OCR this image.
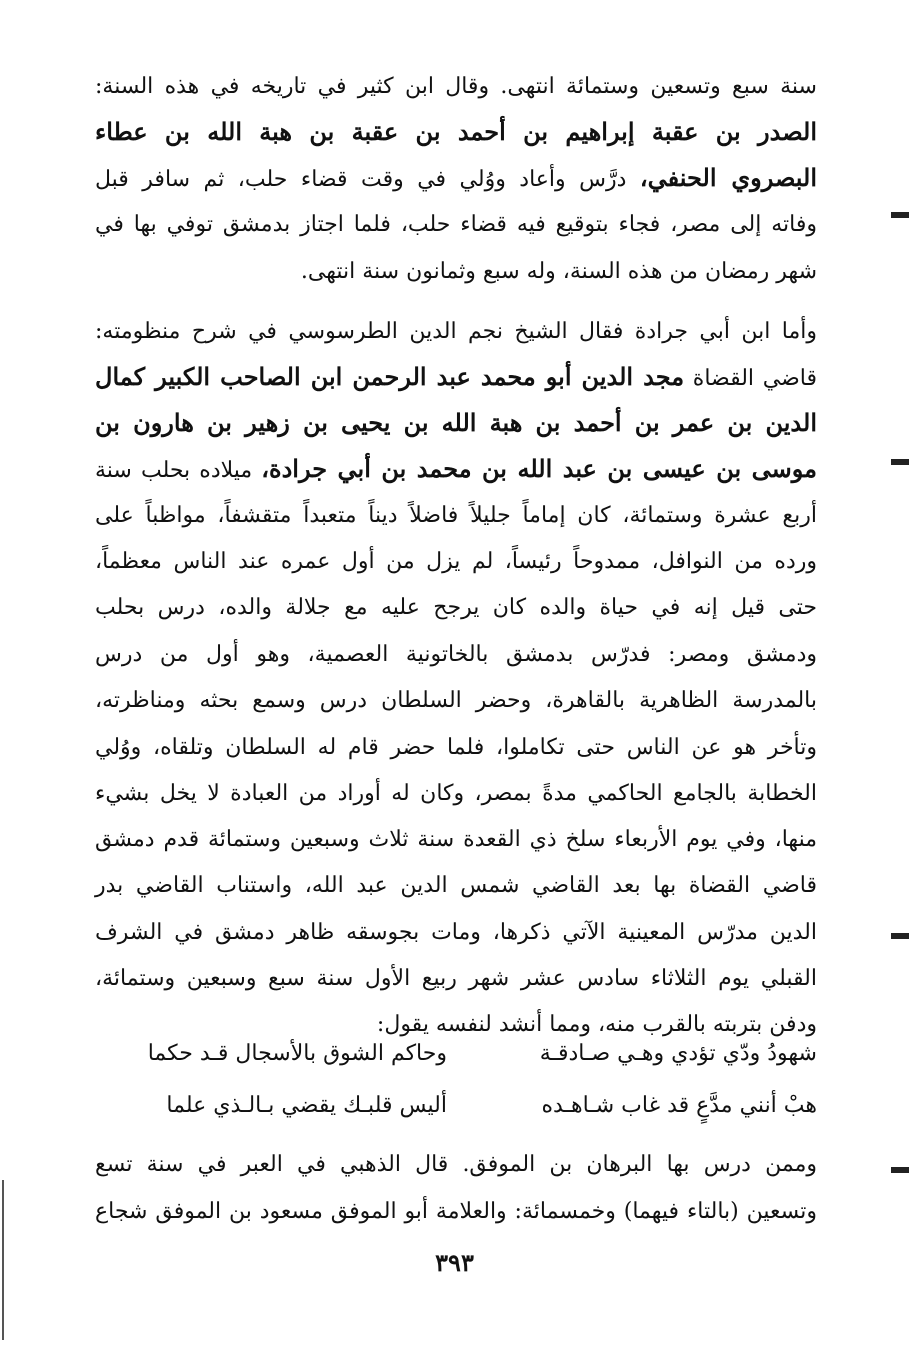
سنة سبع وتسعين وستمائة انتهى. وقال ابن كثير في تاريخه في هذه السنة:
الصدر بن عقبة إبراهيم بن أحمد بن عقبة بن هبة الله بن عطاء
البصروي الحنفي، درَّس وأعاد ووُلي في وقت قضاء حلب، ثم سافر قبل
وفاته إلى مصر، فجاء بتوقيع فيه قضاء حلب، فلما اجتاز بدمشق توفي بها في
شهر رمضان من هذه السنة، وله سبع وثمانون سنة انتهى.
وأما ابن أبي جرادة فقال الشيخ نجم الدين الطرسوسي في شرح منظومته:
قاضي القضاة مجد الدين أبو محمد عبد الرحمن ابن الصاحب الكبير كمال
الدين بن عمر بن أحمد بن هبة الله بن يحيى بن زهير بن هارون بن
موسى بن عيسى بن عبد الله بن محمد بن أبي جرادة، ميلاده بحلب سنة
أربع عشرة وستمائة، كان إماماً جليلاً فاضلاً ديناً متعبداً متقشفاً، مواظباً على
ورده من النوافل، ممدوحاً رئيساً، لم يزل من أول عمره عند الناس معظماً،
حتى قيل إنه في حياة والده كان يرجح عليه مع جلالة والده، درس بحلب
ودمشق ومصر: فدرّس بدمشق بالخاتونية العصمية، وهو أول من درس
بالمدرسة الظاهرية بالقاهرة، وحضر السلطان درس وسمع بحثه ومناظرته،
وتأخر هو عن الناس حتى تكاملوا، فلما حضر قام له السلطان وتلقاه، ووُلي
الخطابة بالجامع الحاكمي مدةً بمصر، وكان له أوراد من العبادة لا يخل بشيء
منها، وفي يوم الأربعاء سلخ ذي القعدة سنة ثلاث وسبعين وستمائة قدم دمشق
قاضي القضاة بها بعد القاضي شمس الدين عبد الله، واستناب القاضي بدر
الدين مدرّس المعينية الآتي ذكرها، ومات بجوسقه ظاهر دمشق في الشرف
القبلي يوم الثلاثاء سادس عشر شهر ربيع الأول سنة سبع وسبعين وستمائة،
ودفن بتربته بالقرب منه، ومما أنشد لنفسه يقول:
شهودُ ودّي تؤدي وهـي صـادقـة
وحاكم الشوق بالأسجال قـد حكما
هبْ أنني مدَّعٍ قد غاب شـاهـده
أليس قلبـك يقضي بـالـذي علما
وممن درس بها البرهان بن الموفق. قال الذهبي في العبر في سنة تسع
وتسعين (بالتاء فيهما) وخمسمائة: والعلامة أبو الموفق مسعود بن الموفق شجاع
٣٩٣
